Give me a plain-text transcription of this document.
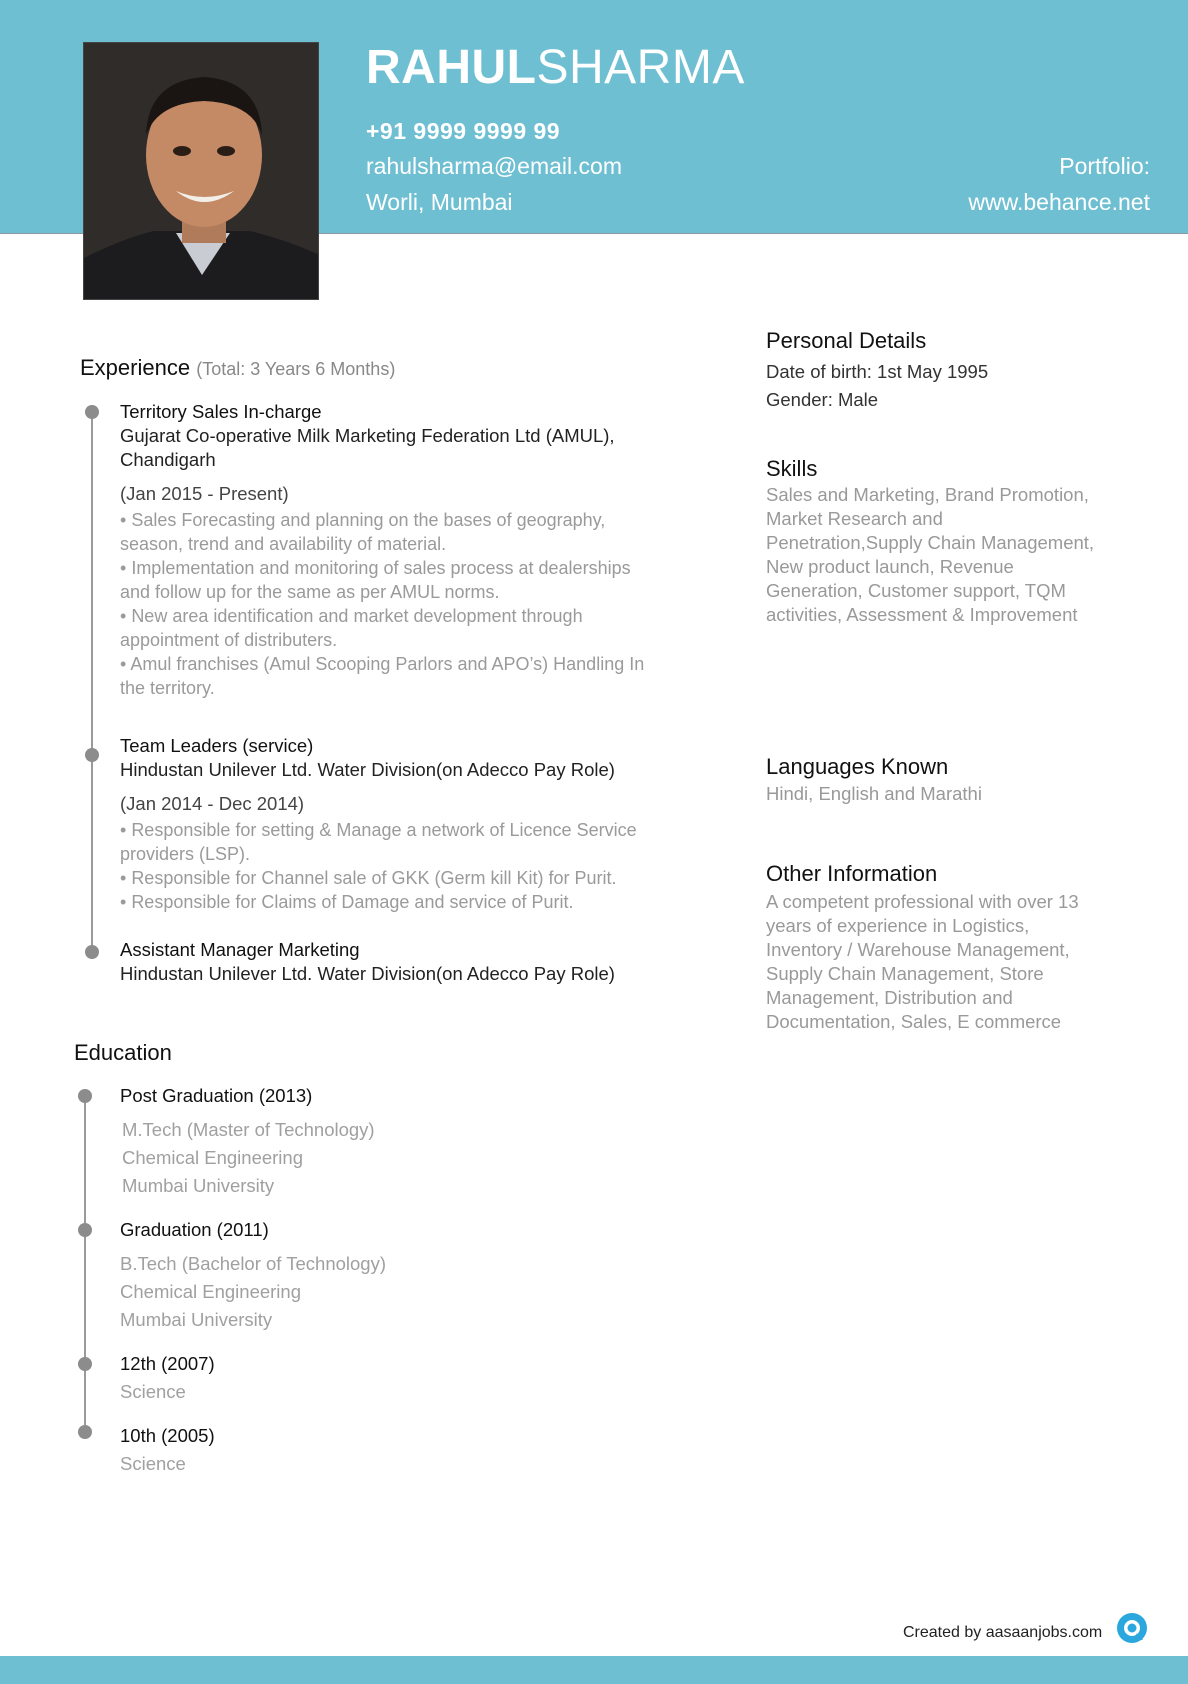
RAHULSHARMA
+91 9999 9999 99
rahulsharma@email.com
Worli, Mumbai
Portfolio:
www.behance.net
Experience (Total: 3 Years 6 Months)
Territory Sales In-charge
Gujarat Co-operative Milk Marketing Federation Ltd (AMUL), Chandigarh
(Jan 2015 - Present)
• Sales Forecasting and planning on the bases of geography, season, trend and availability of material.
• Implementation and monitoring of sales process at dealerships and follow up for the same as per AMUL norms.
• New area identification and market development through appointment of distributers.
• Amul franchises (Amul Scooping Parlors and APO’s) Handling In the territory.
Team Leaders (service)
Hindustan Unilever Ltd. Water Division(on Adecco Pay Role)
(Jan 2014 - Dec 2014)
• Responsible for setting & Manage a network of Licence Service providers (LSP).
• Responsible for Channel sale of GKK (Germ kill Kit) for Purit.
• Responsible for Claims of Damage and service of Purit.
Assistant Manager Marketing
Hindustan Unilever Ltd. Water Division(on Adecco Pay Role)
Education
Post Graduation (2013)
M.Tech (Master of Technology)
Chemical Engineering
Mumbai University
Graduation (2011)
B.Tech (Bachelor of Technology)
Chemical Engineering
Mumbai University
12th (2007)
Science
10th (2005)
Science
Personal Details
Date of birth: 1st May 1995
Gender: Male
Skills
Sales and Marketing, Brand Promotion, Market Research and Penetration,Supply Chain Management, New product launch, Revenue Generation, Customer support, TQM activities, Assessment & Improvement
Languages Known
Hindi, English and Marathi
Other Information
A competent professional with over 13 years of experience in Logistics, Inventory / Warehouse Management, Supply Chain Management, Store Management, Distribution and Documentation, Sales, E commerce
Created by aasaanjobs.com
